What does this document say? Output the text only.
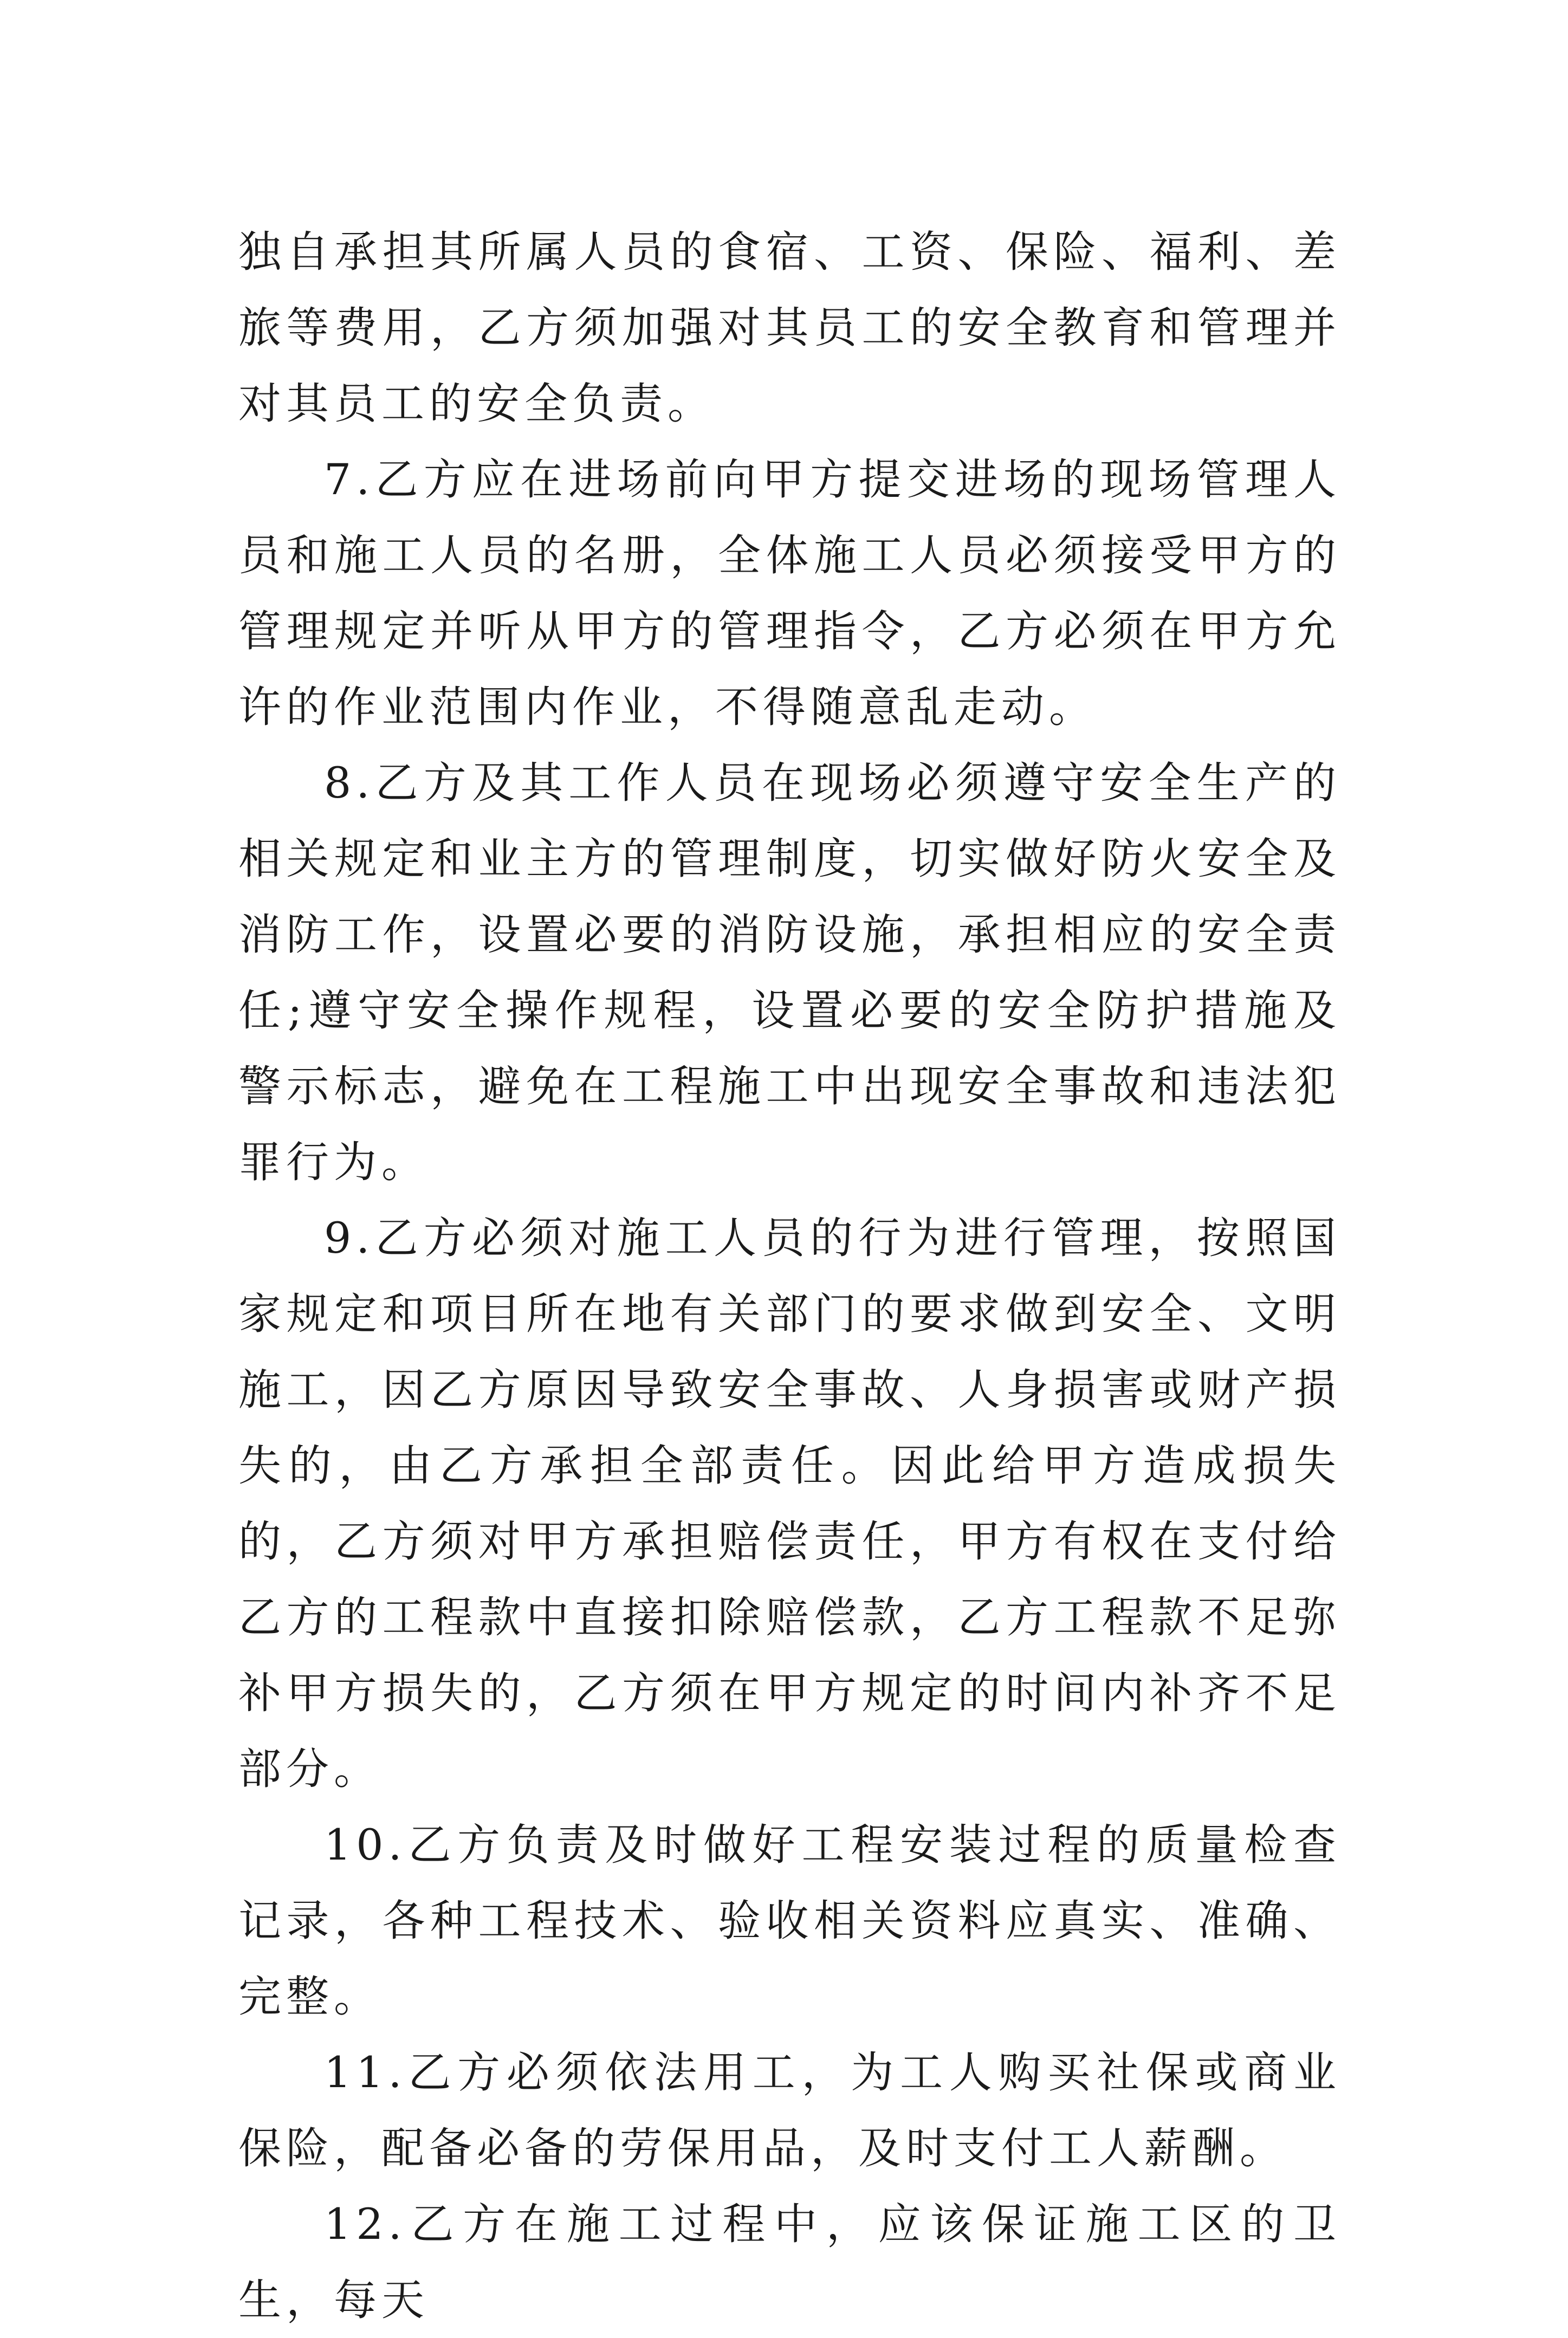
独自承担其所属人员的食宿、工资、保险、福利、差旅等费用，乙方须加强对其员工的安全教育和管理并对其员工的安全负责。

7.乙方应在进场前向甲方提交进场的现场管理人员和施工人员的名册，全体施工人员必须接受甲方的管理规定并听从甲方的管理指令，乙方必须在甲方允许的作业范围内作业，不得随意乱走动。

8.乙方及其工作人员在现场必须遵守安全生产的相关规定和业主方的管理制度，切实做好防火安全及消防工作，设置必要的消防设施，承担相应的安全责任;遵守安全操作规程，设置必要的安全防护措施及警示标志，避免在工程施工中出现安全事故和违法犯罪行为。

9.乙方必须对施工人员的行为进行管理，按照国家规定和项目所在地有关部门的要求做到安全、文明施工，因乙方原因导致安全事故、人身损害或财产损失的，由乙方承担全部责任。因此给甲方造成损失的，乙方须对甲方承担赔偿责任，甲方有权在支付给乙方的工程款中直接扣除赔偿款，乙方工程款不足弥补甲方损失的，乙方须在甲方规定的时间内补齐不足部分。

10.乙方负责及时做好工程安装过程的质量检查记录，各种工程技术、验收相关资料应真实、准确、完整。

11.乙方必须依法用工，为工人购买社保或商业保险，配备必备的劳保用品，及时支付工人薪酬。

12.乙方在施工过程中，应该保证施工区的卫生，每天
